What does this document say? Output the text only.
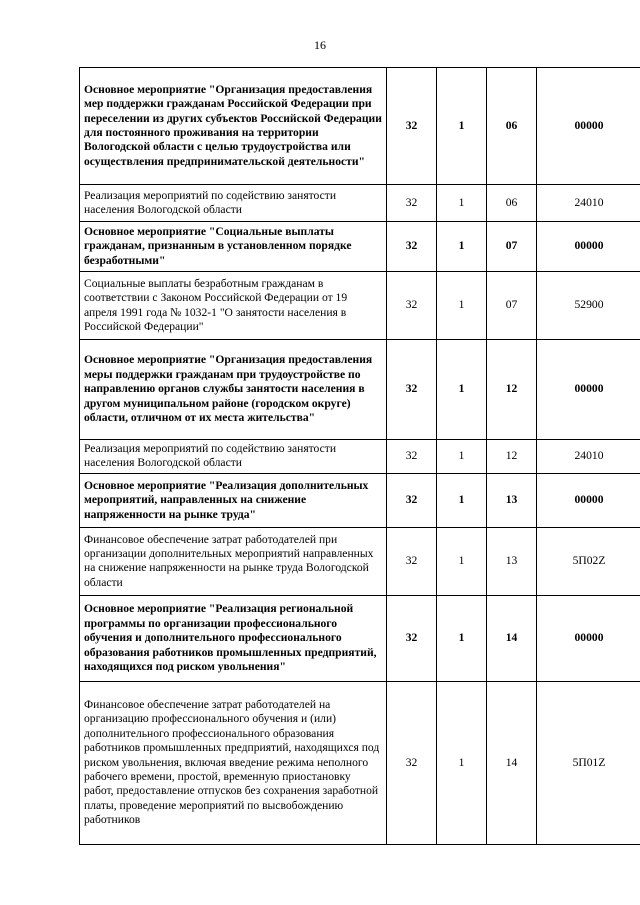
16
Основное мероприятие "Организация предоставления мер поддержки гражданам Российской Федерации при переселении из других субъектов Российской Федерации для постоянного проживания на территории Вологодской области с целью трудоустройства или осуществления предпринимательской деятельности"	32	1	06	00000
Реализация мероприятий по содействию занятости населения Вологодской области	32	1	06	24010
Основное мероприятие "Социальные выплаты гражданам, признанным в установленном порядке безработными"	32	1	07	00000
Социальные выплаты безработным гражданам в соответствии с Законом Российской Федерации от 19 апреля 1991 года № 1032-1 "О занятости населения в Российской Федерации"	32	1	07	52900
Основное мероприятие "Организация предоставления меры поддержки гражданам при трудоустройстве по направлению органов службы занятости населения в другом муниципальном районе (городском округе) области, отличном от их места жительства"	32	1	12	00000
Реализация мероприятий по содействию занятости населения Вологодской области	32	1	12	24010
Основное мероприятие "Реализация дополнительных мероприятий, направленных на снижение напряженности на рынке труда"	32	1	13	00000
Финансовое обеспечение затрат работодателей при организации дополнительных мероприятий направленных на снижение напряженности на рынке труда Вологодской области	32	1	13	5П02Z
Основное мероприятие "Реализация региональной программы по организации профессионального обучения и дополнительного профессионального образования работников промышленных предприятий, находящихся под риском увольнения"	32	1	14	00000
Финансовое обеспечение затрат работодателей на организацию профессионального обучения и (или) дополнительного профессионального образования работников промышленных предприятий, находящихся под риском увольнения, включая введение режима неполного рабочего времени, простой, временную приостановку работ, предоставление отпусков без сохранения заработной платы, проведение мероприятий по высвобождению работников	32	1	14	5П01Z
